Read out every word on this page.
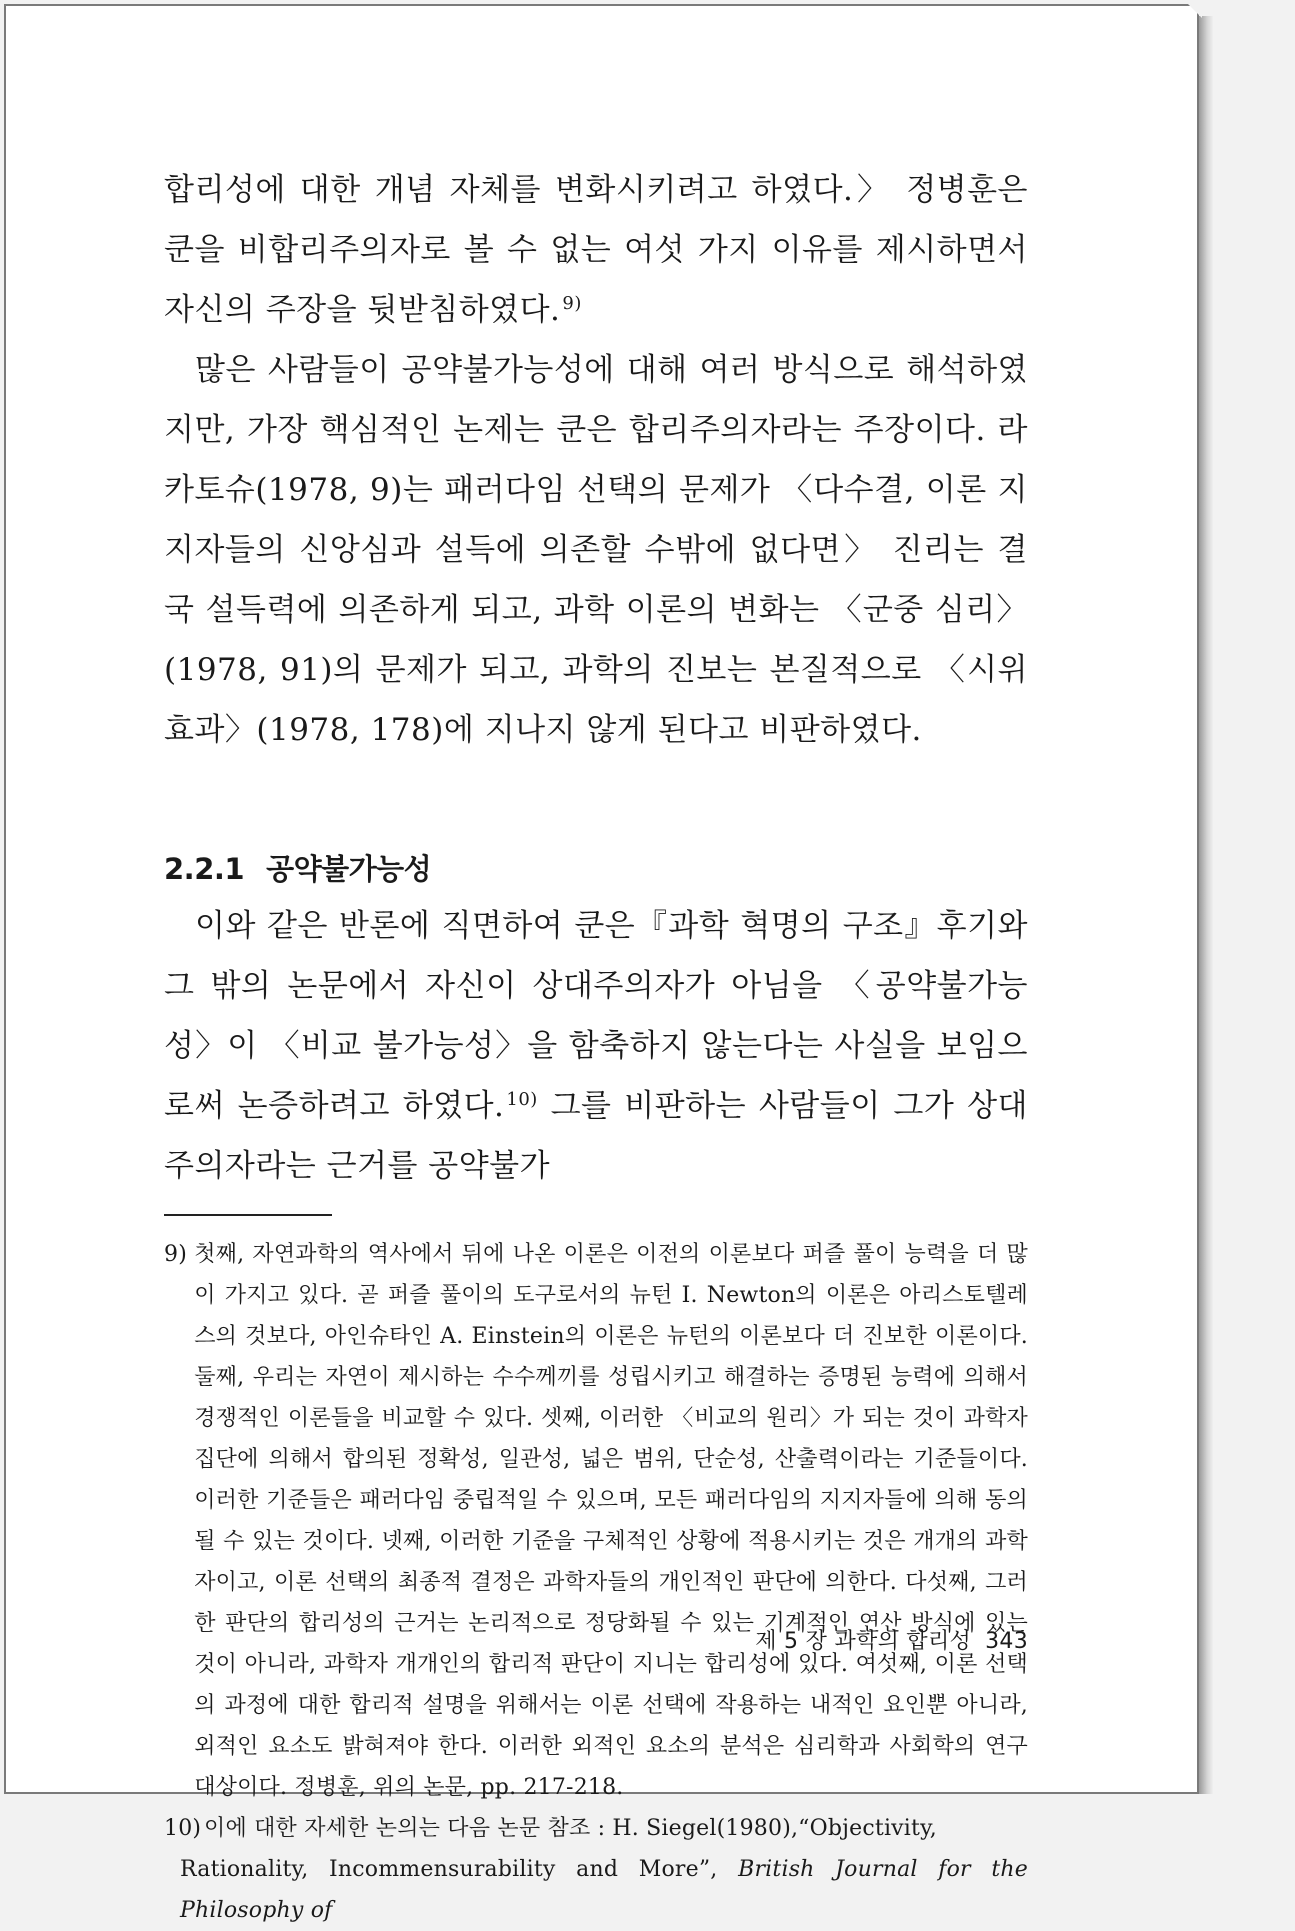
합리성에 대한 개념 자체를 변화시키려고 하였다.〉 정병훈은 쿤을 비합리주의자로 볼 수 없는 여섯 가지 이유를 제시하면서 자신의 주장을 뒷받침하였다. $^{9)}$

많은 사람들이 공약불가능성에 대해 여러 방식으로 해석하였지만, 가장 핵심적인 논제는 쿤은 합리주의자라는 주장이다. 라카토슈(1978, 9)는 패러다임 선택의 문제가 〈다수결, 이론 지지자들의 신앙심과 설득에 의존할 수밖에 없다면〉 진리는 결국 설득력에 의존하게 되고, 과학 이론의 변화는 〈군중 심리〉(1978, 91)의 문제가 되고, 과학의 진보는 본질적으로 〈시위 효과〉(1978, 178)에 지나지 않게 된다고 비판하였다.

2.2.1 공약불가능성

이와 같은 반론에 직면하여 쿤은『과학 혁명의 구조』후기와 그 밖의 논문에서 자신이 상대주의자가 아님을 〈공약불가능성〉이 〈비교 불가능성〉을 함축하지 않는다는 사실을 보임으로써 논증하려고 하였다. $^{10)}$ 그를 비판하는 사람들이 그가 상대주의자라는 근거를 공약불가

9) 첫째, 자연과학의 역사에서 뒤에 나온 이론은 이전의 이론보다 퍼즐 풀이 능력을 더 많이 가지고 있다. 곧 퍼즐 풀이의 도구로서의 뉴턴 I. Newton의 이론은 아리스토텔레스의 것보다, 아인슈타인 A. Einstein의 이론은 뉴턴의 이론보다 더 진보한 이론이다. 둘째, 우리는 자연이 제시하는 수수께끼를 성립시키고 해결하는 증명된 능력에 의해서 경쟁적인 이론들을 비교할 수 있다. 셋째, 이러한 〈비교의 원리〉가 되는 것이 과학자 집단에 의해서 합의된 정확성, 일관성, 넓은 범위, 단순성, 산출력이라는 기준들이다. 이러한 기준들은 패러다임 중립적일 수 있으며, 모든 패러다임의 지지자들에 의해 동의될 수 있는 것이다. 넷째, 이러한 기준을 구체적인 상황에 적용시키는 것은 개개의 과학자이고, 이론 선택의 최종적 결정은 과학자들의 개인적인 판단에 의한다. 다섯째, 그러한 판단의 합리성의 근거는 논리적으로 정당화될 수 있는 기계적인 연산 방식에 있는 것이 아니라, 과학자 개개인의 합리적 판단이 지니는 합리성에 있다. 여섯째, 이론 선택의 과정에 대한 합리적 설명을 위해서는 이론 선택에 작용하는 내적인 요인뿐 아니라, 외적인 요소도 밝혀져야 한다. 이러한 외적인 요소의 분석은 심리학과 사회학의 연구 대상이다. 정병훈, 위의 논문, pp. 217-218.
10)
이에 대한 자세한 논의는 다음 논문 참조 : H. Siegel(1980),“Objectivity,
Rationality, Incommensurability and More”, British Journal for the Philosophy of
제 5 장 과학의 합리성 343
